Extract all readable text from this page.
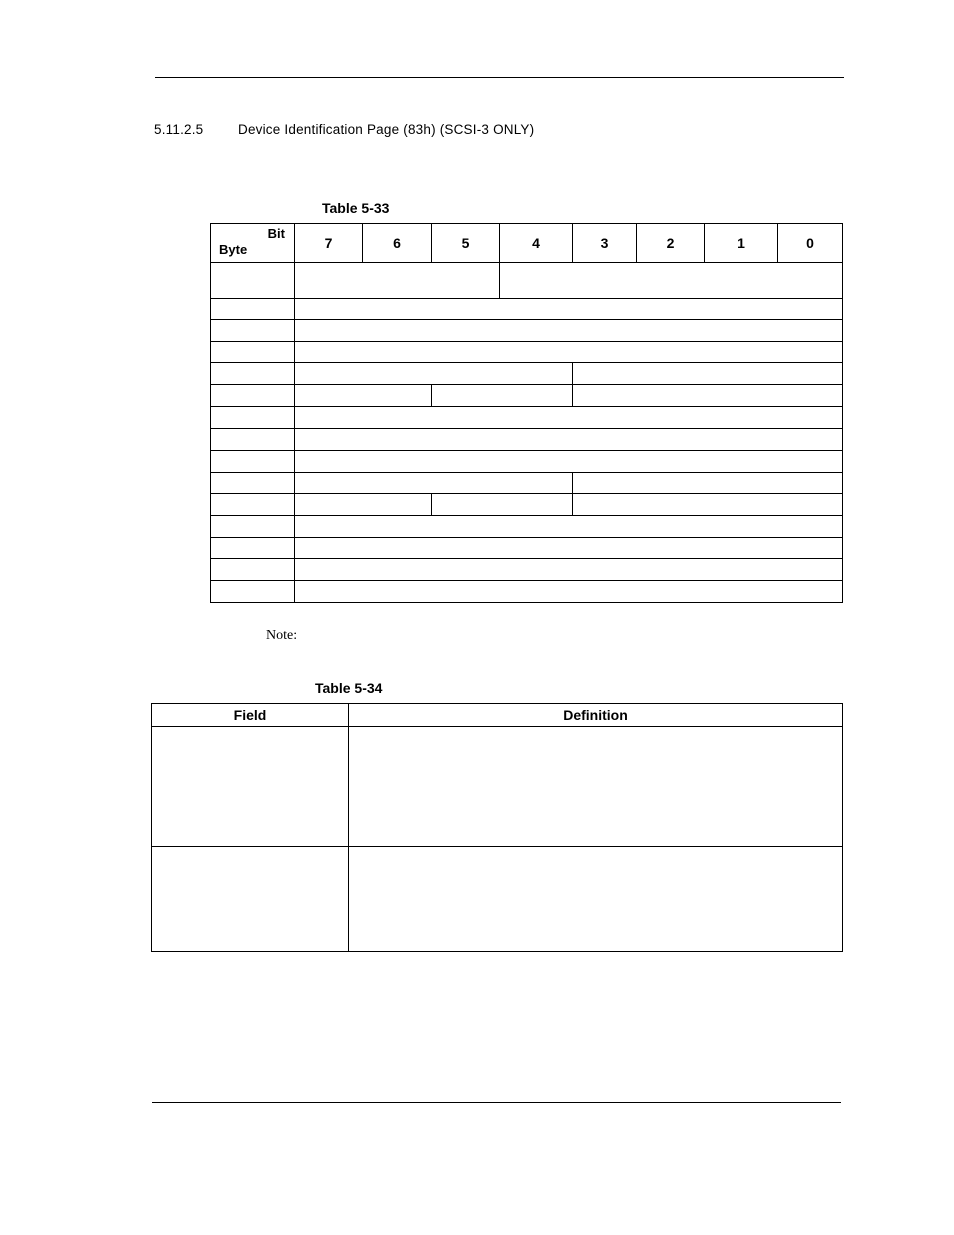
5.11.2.5	Device Identification Page (83h) (SCSI-3 ONLY)
Table 5-33
Bit
Byte	7	6	5	4	3	2	1	0

Note:
Table 5-34
Field	Definition
